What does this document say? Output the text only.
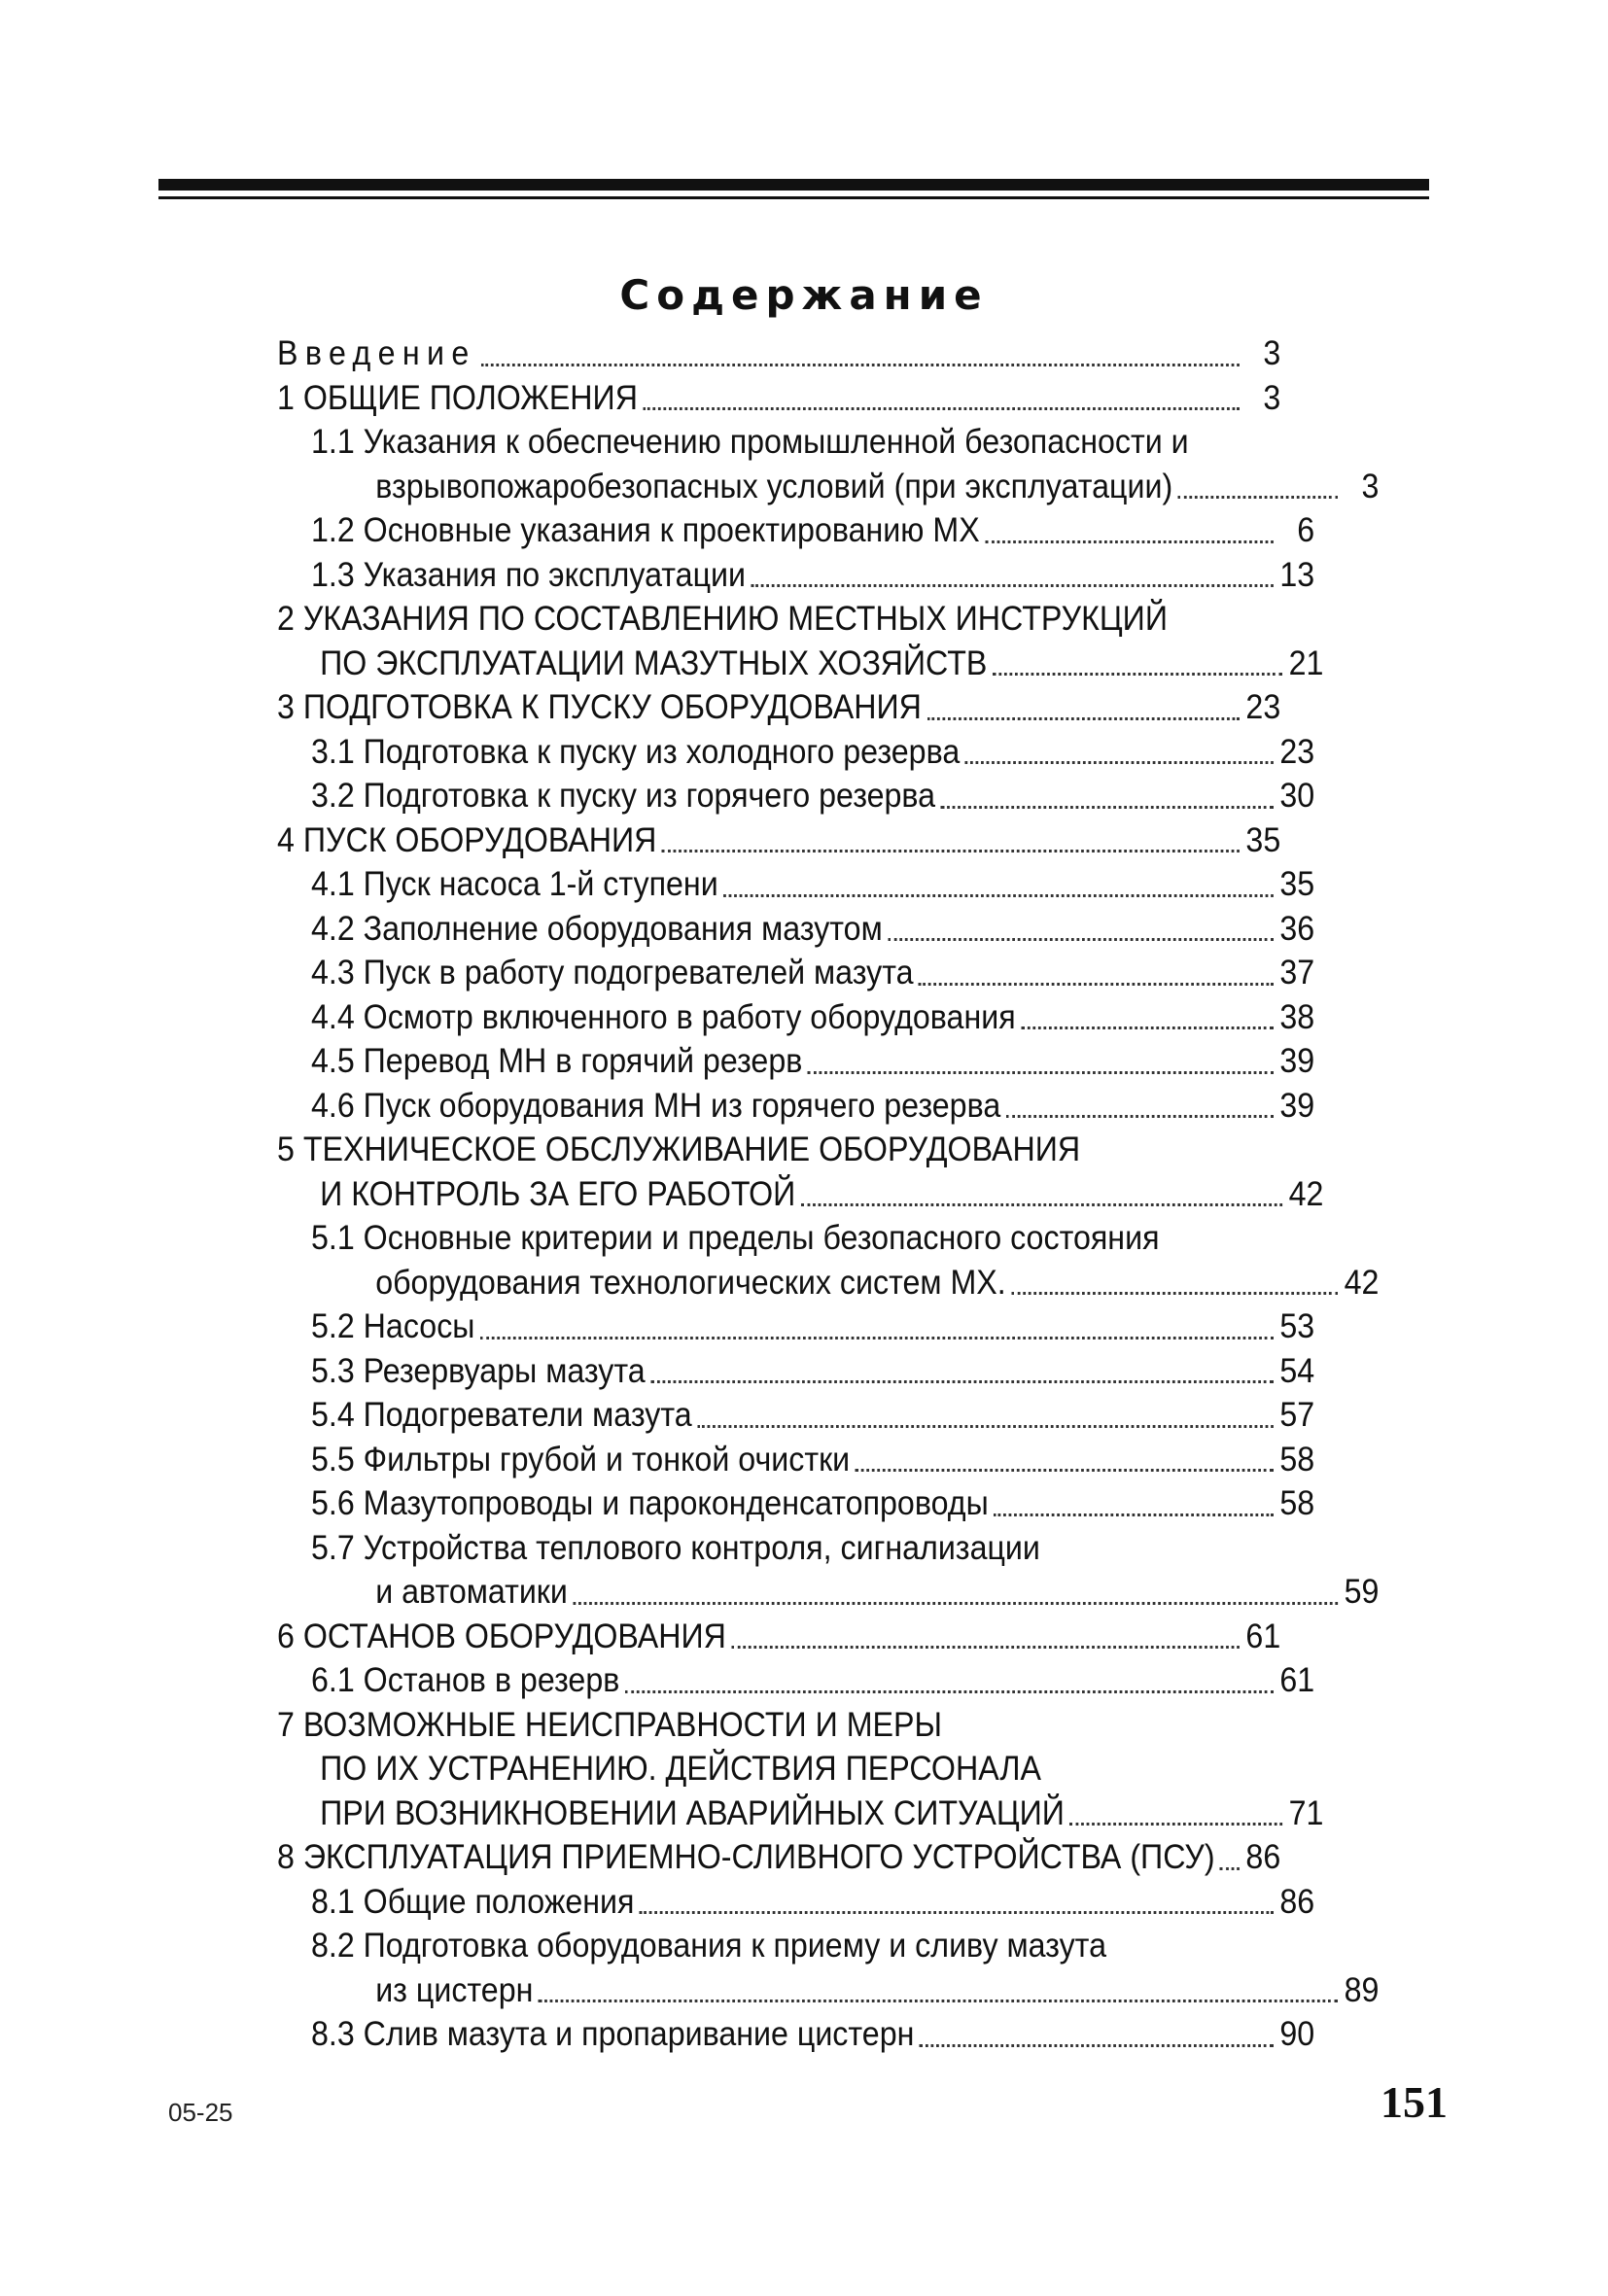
Содержание
Введение	3
1 ОБЩИЕ ПОЛОЖЕНИЯ	3
1.1 Указания к обеспечению промышленной безопасности и
взрывопожаробезопасных условий (при эксплуатации)	3
1.2 Основные указания к проектированию МХ	6
1.3 Указания по эксплуатации	13
2 УКАЗАНИЯ ПО СОСТАВЛЕНИЮ МЕСТНЫХ ИНСТРУКЦИЙ
ПО ЭКСПЛУАТАЦИИ МАЗУТНЫХ ХОЗЯЙСТВ	21
3 ПОДГОТОВКА К ПУСКУ ОБОРУДОВАНИЯ	23
3.1 Подготовка к пуску из холодного резерва	23
3.2 Подготовка к пуску из горячего резерва	30
4 ПУСК ОБОРУДОВАНИЯ	35
4.1 Пуск насоса 1-й ступени	35
4.2 Заполнение оборудования мазутом	36
4.3 Пуск в работу подогревателей мазута	37
4.4 Осмотр включенного в работу оборудования	38
4.5 Перевод МН в горячий резерв	39
4.6 Пуск оборудования МН из горячего резерва	39
5 ТЕХНИЧЕСКОЕ ОБСЛУЖИВАНИЕ ОБОРУДОВАНИЯ
И КОНТРОЛЬ ЗА ЕГО РАБОТОЙ	42
5.1 Основные критерии и пределы безопасного состояния
оборудования технологических систем МХ.	42
5.2 Насосы	53
5.3 Резервуары мазута	54
5.4 Подогреватели мазута	57
5.5 Фильтры грубой и тонкой очистки	58
5.6 Мазутопроводы и пароконденсатопроводы	58
5.7 Устройства теплового контроля, сигнализации
и автоматики	59
6 ОСТАНОВ ОБОРУДОВАНИЯ	61
6.1 Останов в резерв	61
7 ВОЗМОЖНЫЕ НЕИСПРАВНОСТИ И МЕРЫ
ПО ИХ УСТРАНЕНИЮ. ДЕЙСТВИЯ ПЕРСОНАЛА
ПРИ ВОЗНИКНОВЕНИИ АВАРИЙНЫХ СИТУАЦИЙ	71
8 ЭКСПЛУАТАЦИЯ ПРИЕМНО-СЛИВНОГО УСТРОЙСТВА (ПСУ) 86
8.1 Общие положения	86
8.2 Подготовка оборудования к приему и сливу мазута
из цистерн	89
8.3 Слив мазута и пропаривание цистерн	90
05-25	151
